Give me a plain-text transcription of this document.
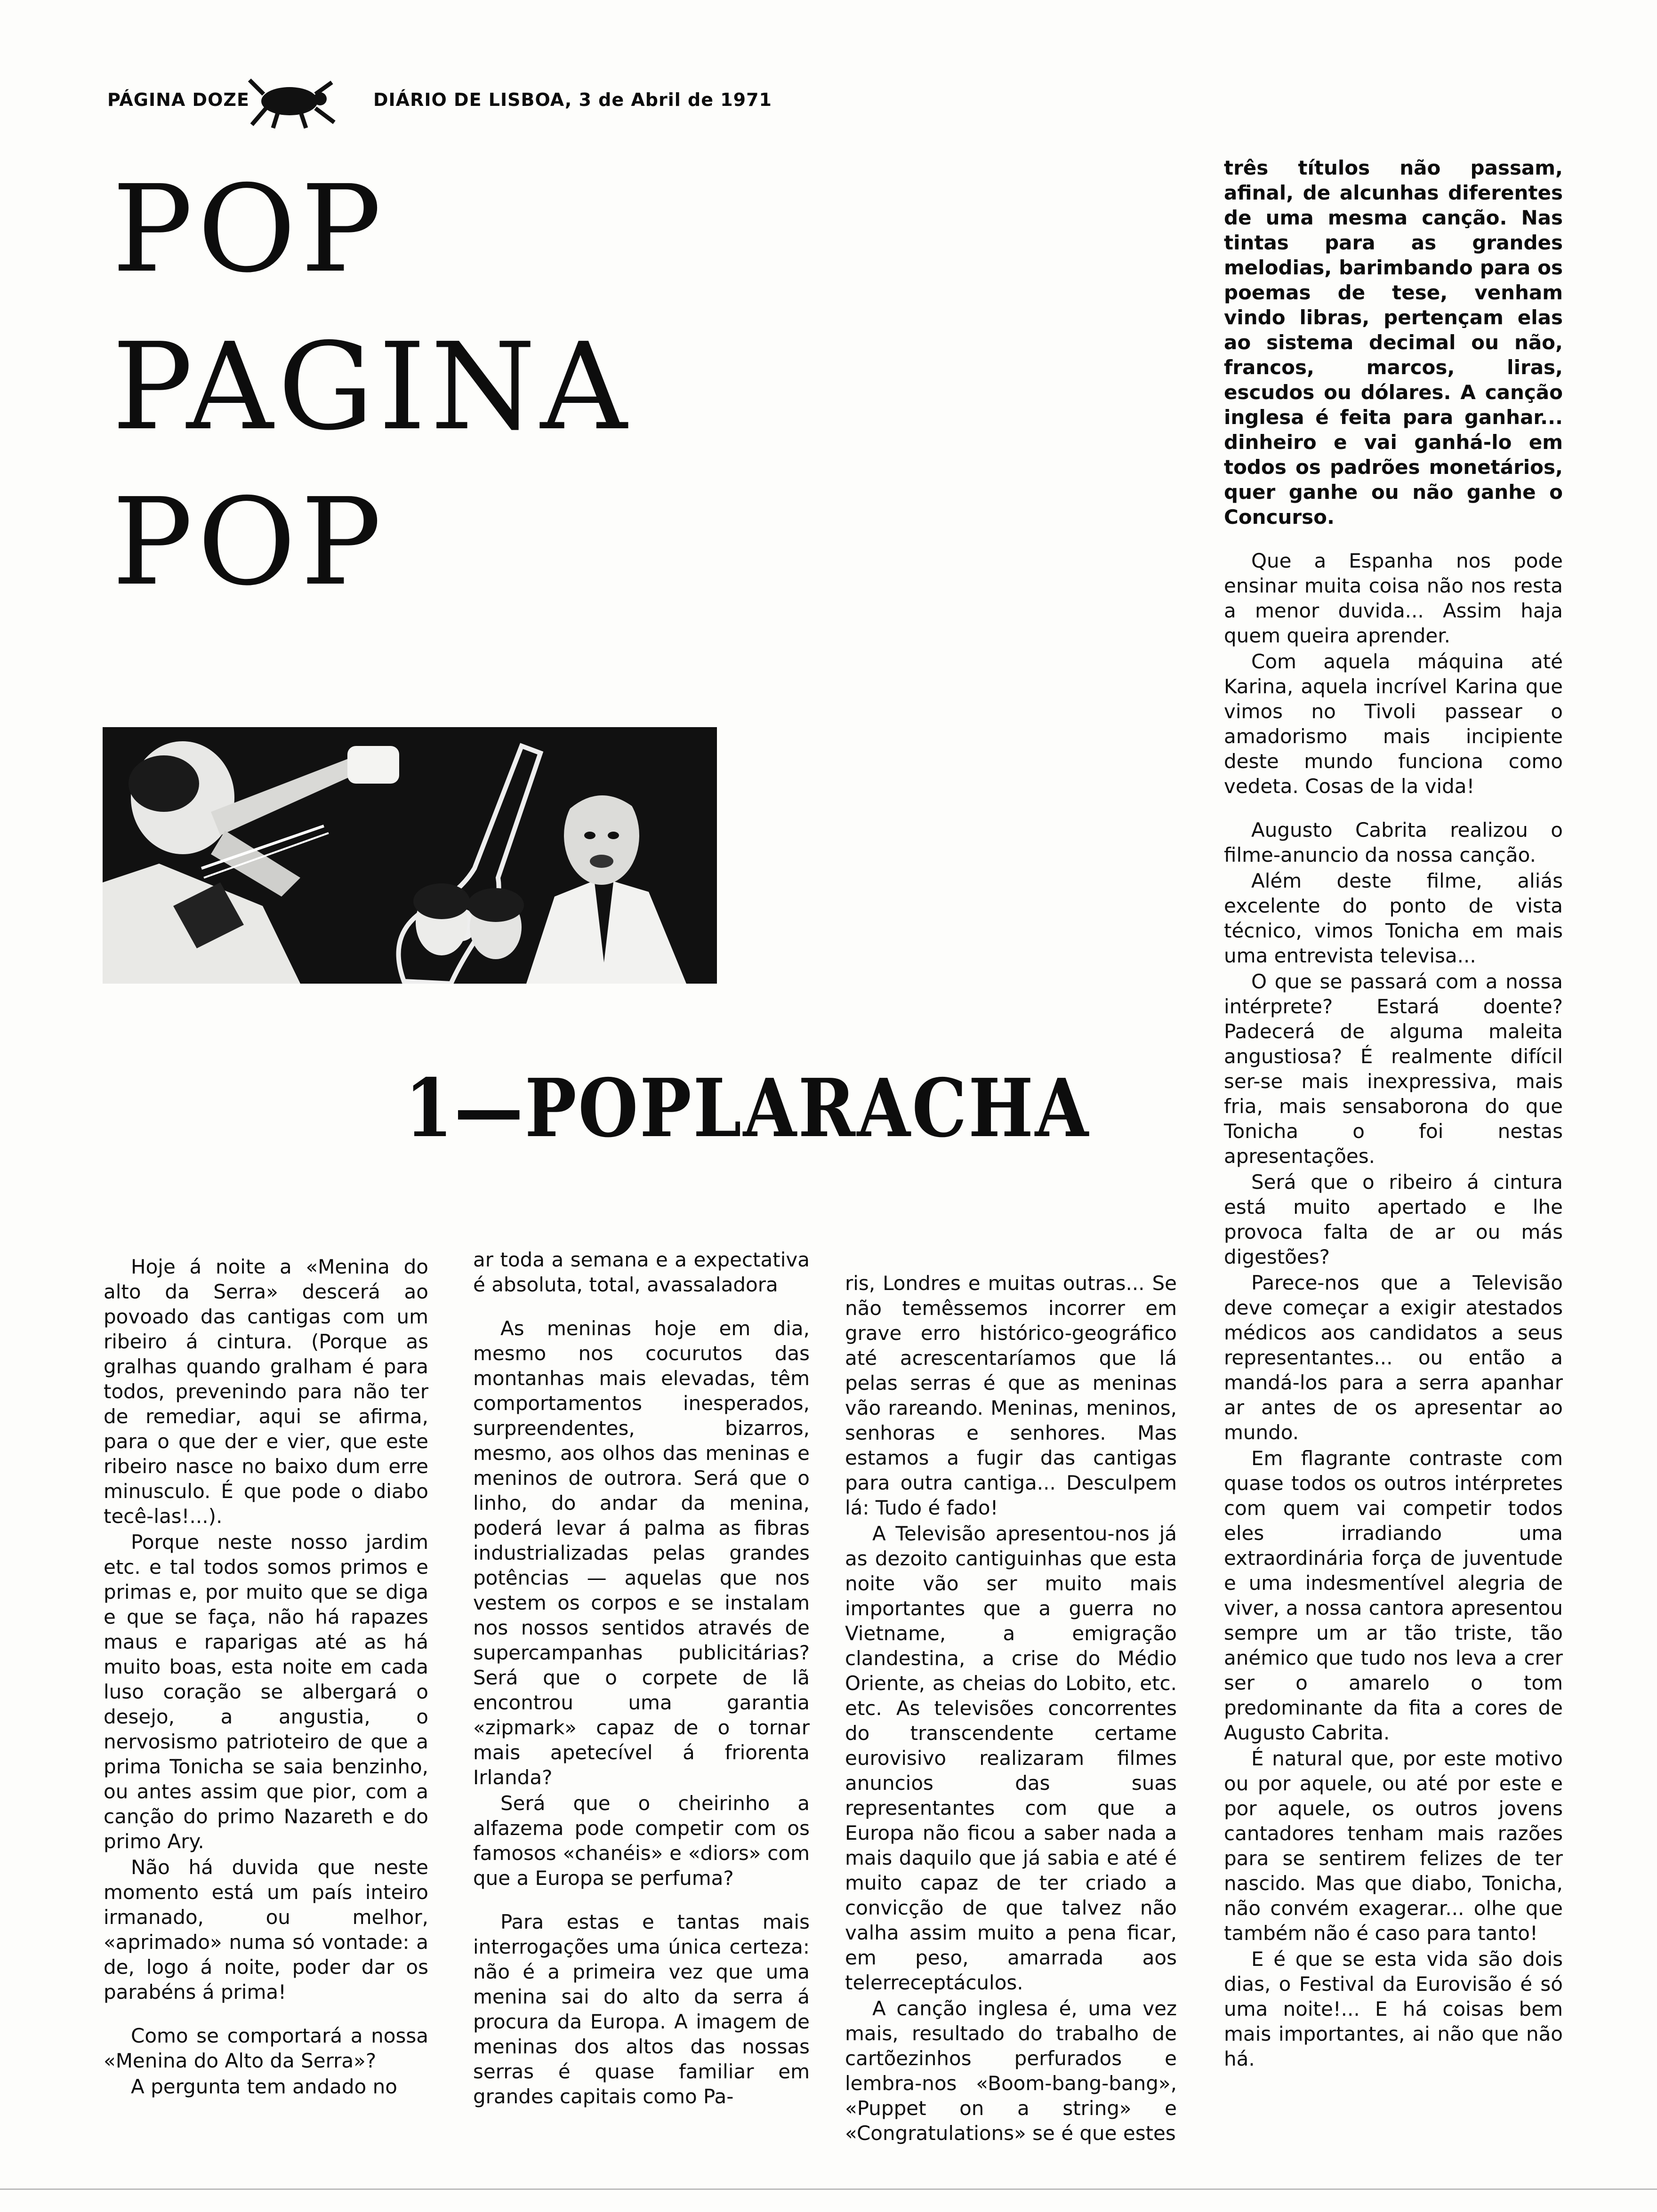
PÁGINA DOZE	DIÁRIO DE LISBOA, 3 de Abril de 1971
POP
PAGINA
POP
1—POPLARACHA

Hoje á noite a «Menina do alto da Serra» descerá ao povoado das cantigas com um ribeiro á cintura. (Porque as gralhas quando gralham é para todos, prevenindo para não ter de remediar, aqui se afirma, para o que der e vier, que este ribeiro nasce no baixo dum erre minusculo. É que pode o diabo tecê-las!...).

Porque neste nosso jardim etc. e tal todos somos primos e primas e, por muito que se diga e que se faça, não há rapazes maus e raparigas até as há muito boas, esta noite em cada luso coração se albergará o desejo, a angustia, o nervosismo patrioteiro de que a prima Tonicha se saia benzinho, ou antes assim que pior, com a canção do primo Nazareth e do primo Ary.

Não há duvida que neste momento está um país inteiro irmanado, ou melhor, «aprimado» numa só vontade: a de, logo á noite, poder dar os parabéns á prima!

Como se comportará a nossa «Menina do Alto da Serra»?

A pergunta tem andado no

ar toda a semana e a expectativa é absoluta, total, avassaladora

As meninas hoje em dia, mesmo nos cocurutos das montanhas mais elevadas, têm comportamentos inesperados, surpreendentes, bizarros, mesmo, aos olhos das meninas e meninos de outrora. Será que o linho, do andar da menina, poderá levar á palma as fibras industrializadas pelas grandes potências — aquelas que nos vestem os corpos e se instalam nos nossos sentidos através de supercampanhas publicitárias? Será que o corpete de lã encontrou uma garantia «zipmark» capaz de o tornar mais apetecível á friorenta Irlanda?

Será que o cheirinho a alfazema pode competir com os famosos «chanéis» e «diors» com que a Europa se perfuma?

Para estas e tantas mais interrogações uma única certeza: não é a primeira vez que uma menina sai do alto da serra á procura da Europa. A imagem de meninas dos altos das nossas serras é quase familiar em grandes capitais como Pa-

ris, Londres e muitas outras... Se não temêssemos incorrer em grave erro histórico-geográfico até acrescentaríamos que lá pelas serras é que as meninas vão rareando. Meninas, meninos, senhoras e senhores. Mas estamos a fugir das cantigas para outra cantiga... Desculpem lá: Tudo é fado!

A Televisão apresentou-nos já as dezoito cantiguinhas que esta noite vão ser muito mais importantes que a guerra no Vietname, a emigração clandestina, a crise do Médio Oriente, as cheias do Lobito, etc. etc. As televisões concorrentes do transcendente certame eurovisivo realizaram filmes anuncios das suas representantes com que a Europa não ficou a saber nada a mais daquilo que já sabia e até é muito capaz de ter criado a convicção de que talvez não valha assim muito a pena ficar, em peso, amarrada aos telerreceptáculos.

A canção inglesa é, uma vez mais, resultado do trabalho de cartõezinhos perfurados e lembra-nos «Boom-bang-bang», «Puppet on a string» e «Congratulations» se é que estes

três títulos não passam, afinal, de alcunhas diferentes de uma mesma canção. Nas tintas para as grandes melodias, barimbando para os poemas de tese, venham vindo libras, pertençam elas ao sistema decimal ou não, francos, marcos, liras, escudos ou dólares. A canção inglesa é feita para ganhar... dinheiro e vai ganhá-lo em todos os padrões monetários, quer ganhe ou não ganhe o Concurso.

Que a Espanha nos pode ensinar muita coisa não nos resta a menor duvida... Assim haja quem queira aprender.

Com aquela máquina até Karina, aquela incrível Karina que vimos no Tivoli passear o amadorismo mais incipiente deste mundo funciona como vedeta. Cosas de la vida!

Augusto Cabrita realizou o filme-anuncio da nossa canção.

Além deste filme, aliás excelente do ponto de vista técnico, vimos Tonicha em mais uma entrevista televisa...

O que se passará com a nossa intérprete? Estará doente? Padecerá de alguma maleita angustiosa? É realmente difícil ser-se mais inexpressiva, mais fria, mais sensaborona do que Tonicha o foi nestas apresentações.

Será que o ribeiro á cintura está muito apertado e lhe provoca falta de ar ou más digestões?

Parece-nos que a Televisão deve começar a exigir atestados médicos aos candidatos a seus representantes... ou então a mandá-los para a serra apanhar ar antes de os apresentar ao mundo.

Em flagrante contraste com quase todos os outros intérpretes com quem vai competir todos eles irradiando uma extraordinária força de juventude e uma indesmentível alegria de viver, a nossa cantora apresentou sempre um ar tão triste, tão anémico que tudo nos leva a crer ser o amarelo o tom predominante da fita a cores de Augusto Cabrita.

É natural que, por este motivo ou por aquele, ou até por este e por aquele, os outros jovens cantadores tenham mais razões para se sentirem felizes de ter nascido. Mas que diabo, Tonicha, não convém exagerar... olhe que também não é caso para tanto!

E é que se esta vida são dois dias, o Festival da Eurovisão é só uma noite!... E há coisas bem mais importantes, ai não que não há.
